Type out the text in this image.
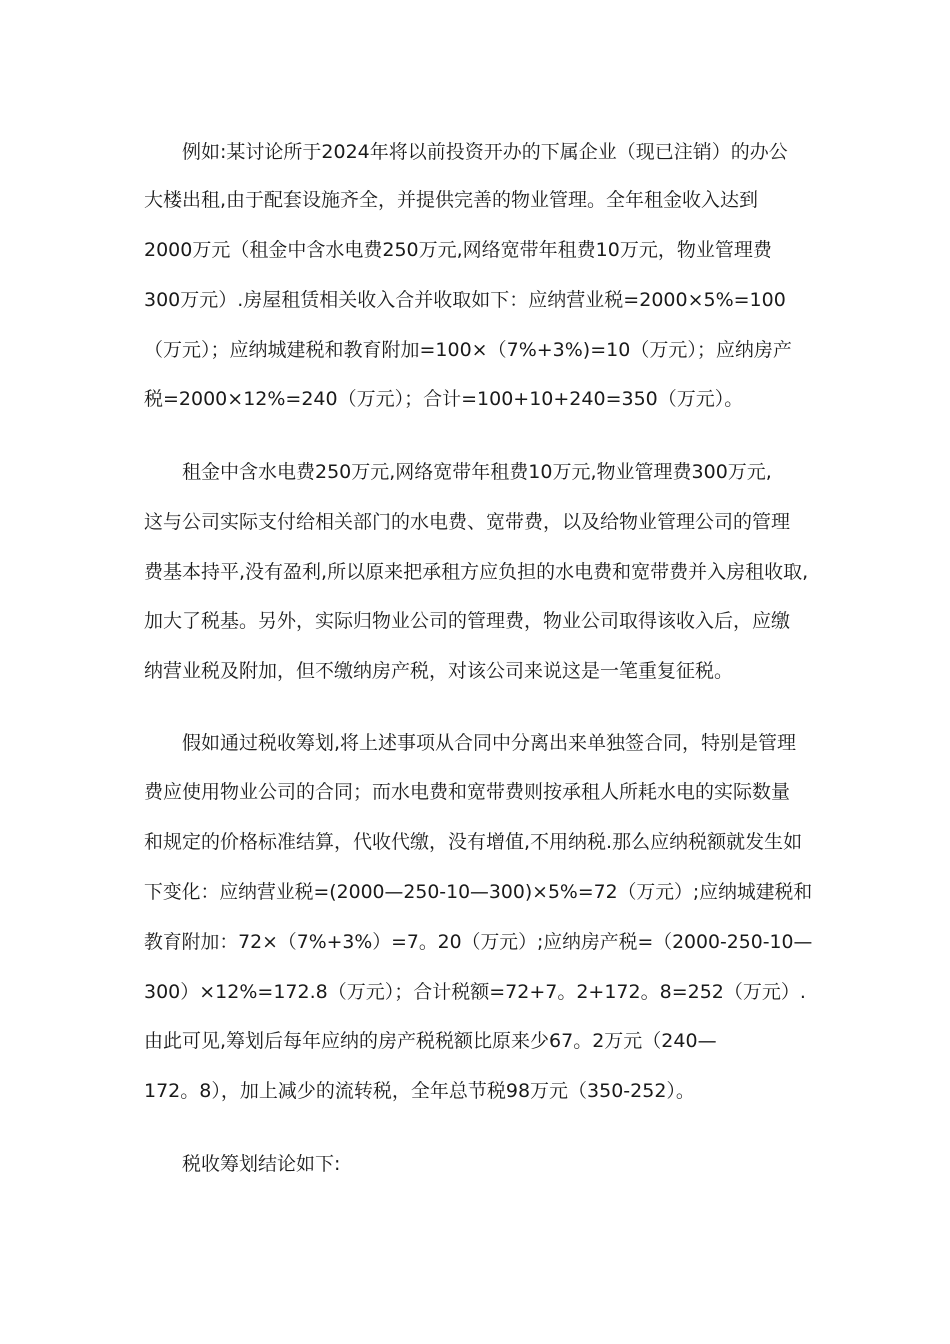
例如:某讨论所于2024年将以前投资开办的下属企业（现已注销）的办公
大楼出租,由于配套设施齐全，并提供完善的物业管理。全年租金收入达到
2000万元（租金中含水电费250万元,网络宽带年租费10万元，物业管理费
300万元）.房屋租赁相关收入合并收取如下：应纳营业税=2000×5%=100
（万元）；应纳城建税和教育附加=100×（7%+3%)=10（万元）；应纳房产
税=2000×12%=240（万元）；合计=100+10+240=350（万元）。
租金中含水电费250万元,网络宽带年租费10万元,物业管理费300万元,
这与公司实际支付给相关部门的水电费、宽带费，以及给物业管理公司的管理
费基本持平,没有盈利,所以原来把承租方应负担的水电费和宽带费并入房租收取,
加大了税基。另外，实际归物业公司的管理费，物业公司取得该收入后，应缴
纳营业税及附加，但不缴纳房产税，对该公司来说这是一笔重复征税。
假如通过税收筹划,将上述事项从合同中分离出来单独签合同，特别是管理
费应使用物业公司的合同；而水电费和宽带费则按承租人所耗水电的实际数量
和规定的价格标准结算，代收代缴，没有增值,不用纳税.那么应纳税额就发生如
下变化：应纳营业税=(2000—250-10—300)×5%=72（万元）;应纳城建税和
教育附加：72×（7%+3%）=7。20（万元）;应纳房产税=（2000-250-10—
300）×12%=172.8（万元）；合计税额=72+7。2+172。8=252（万元）.
由此可见,筹划后每年应纳的房产税税额比原来少67。2万元（240—
172。8），加上减少的流转税，全年总节税98万元（350-252）。
税收筹划结论如下:
